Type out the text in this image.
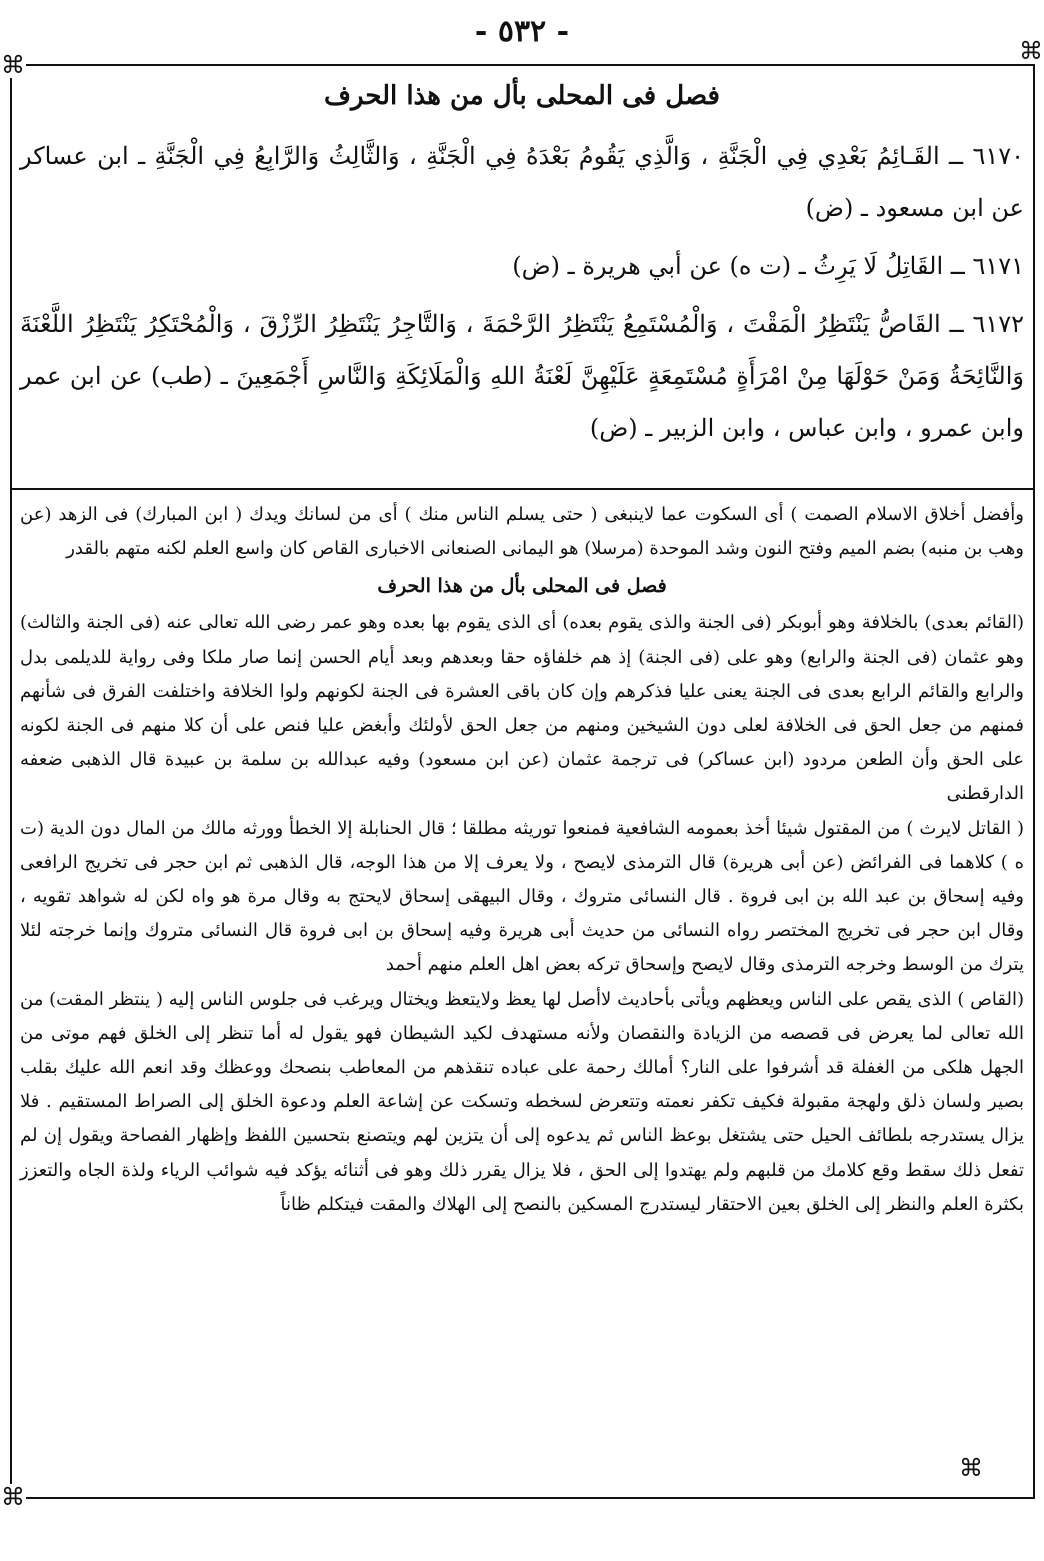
- ٥٣٢ -
⌘	⌘
⌘
⌘

فصل فى المحلى بأل من هذا الحرف

٦١٧٠ ــ القَـائِمُ بَعْدِي فِي الْجَنَّةِ ، وَالَّذِي يَقُومُ بَعْدَهُ فِي الْجَنَّةِ ، وَالثَّالِثُ وَالرَّابِعُ فِي الْجَنَّةِ ـ ابن عساكر عن ابن مسعود ـ (ض)

٦١٧١ ــ القَاتِلُ لَا يَرِثُ ـ (ت ه) عن أبي هريرة ـ (ض)

٦١٧٢ ــ القَاصُّ يَنْتَظِرُ الْمَقْتَ ، وَالْمُسْتَمِعُ يَنْتَظِرُ الرَّحْمَةَ ، وَالتَّاجِرُ يَنْتَظِرُ الرِّزْقَ ، وَالْمُحْتَكِرُ يَنْتَظِرُ اللَّعْنَةَ وَالنَّائِحَةُ وَمَنْ حَوْلَهَا مِنْ امْرَأَةٍ مُسْتَمِعَةٍ عَلَيْهِنَّ لَعْنَةُ اللهِ وَالْمَلَائِكَةِ وَالنَّاسِ أَجْمَعِينَ ـ (طب) عن ابن عمر وابن عمرو ، وابن عباس ، وابن الزبير ـ (ض)

وأفضل أخلاق الاسلام الصمت ) أى السكوت عما لاينبغى ( حتى يسلم الناس منك ) أى من لسانك ويدك ( ابن المبارك) فى الزهد (عن وهب بن منبه) بضم الميم وفتح النون وشد الموحدة (مرسلا) هو اليمانى الصنعانى الاخبارى القاص كان واسع العلم لكنه متهم بالقدر

فصل فى المحلى بأل من هذا الحرف

(القائم بعدى) بالخلافة وهو أبوبكر (فى الجنة والذى يقوم بعده) أى الذى يقوم بها بعده وهو عمر رضى الله تعالى عنه (فى الجنة والثالث) وهو عثمان (فى الجنة والرابع) وهو على (فى الجنة) إذ هم خلفاؤه حقا وبعدهم وبعد أيام الحسن إنما صار ملكا وفى رواية للديلمى بدل والرابع والقائم الرابع بعدى فى الجنة يعنى عليا فذكرهم وإن كان باقى العشرة فى الجنة لكونهم ولوا الخلافة واختلفت الفرق فى شأنهم فمنهم من جعل الحق فى الخلافة لعلى دون الشيخين ومنهم من جعل الحق لأولئك وأبغض عليا فنص على أن كلا منهم فى الجنة لكونه على الحق وأن الطعن مردود (ابن عساكر) فى ترجمة عثمان (عن ابن مسعود) وفيه عبدالله بن سلمة بن عبيدة قال الذهبى ضعفه الدارقطنى

( القاتل لايرث ) من المقتول شيئا أخذ بعمومه الشافعية فمنعوا توريثه مطلقا ؛ قال الحنابلة إلا الخطأ وورثه مالك من المال دون الدية (ت ه ) كلاهما فى الفرائض (عن أبى هريرة) قال الترمذى لايصح ، ولا يعرف إلا من هذا الوجه، قال الذهبى ثم ابن حجر فى تخريج الرافعى وفيه إسحاق بن عبد الله بن ابى فروة . قال النسائى متروك ، وقال البيهقى إسحاق لايحتج به وقال مرة هو واه لكن له شواهد تقويه ، وقال ابن حجر فى تخريج المختصر رواه النسائى من حديث أبى هريرة وفيه إسحاق بن ابى فروة قال النسائى متروك وإنما خرجته لئلا يترك من الوسط وخرجه الترمذى وقال لايصح وإسحاق تركه بعض اهل العلم منهم أحمد

(القاص ) الذى يقص على الناس ويعظهم ويأتى بأحاديث لاأصل لها يعظ ولايتعظ ويختال ويرغب فى جلوس الناس إليه ( ينتظر المقت) من الله تعالى لما يعرض فى قصصه من الزيادة والنقصان ولأنه مستهدف لكيد الشيطان فهو يقول له أما تنظر إلى الخلق فهم موتى من الجهل هلكى من الغفلة قد أشرفوا على النار؟ أمالك رحمة على عباده تنقذهم من المعاطب بنصحك ووعظك وقد انعم الله عليك بقلب بصير ولسان ذلق ولهجة مقبولة فكيف تكفر نعمته وتتعرض لسخطه وتسكت عن إشاعة العلم ودعوة الخلق إلى الصراط المستقيم . فلا يزال يستدرجه بلطائف الحيل حتى يشتغل بوعظ الناس ثم يدعوه إلى أن يتزين لهم ويتصنع بتحسين اللفظ وإظهار الفصاحة ويقول إن لم تفعل ذلك سقط وقع كلامك من قلبهم ولم يهتدوا إلى الحق ، فلا يزال يقرر ذلك وهو فى أثنائه يؤكد فيه شوائب الرياء ولذة الجاه والتعزز بكثرة العلم والنظر إلى الخلق بعين الاحتقار ليستدرج المسكين بالنصح إلى الهلاك والمقت فيتكلم ظاناً
